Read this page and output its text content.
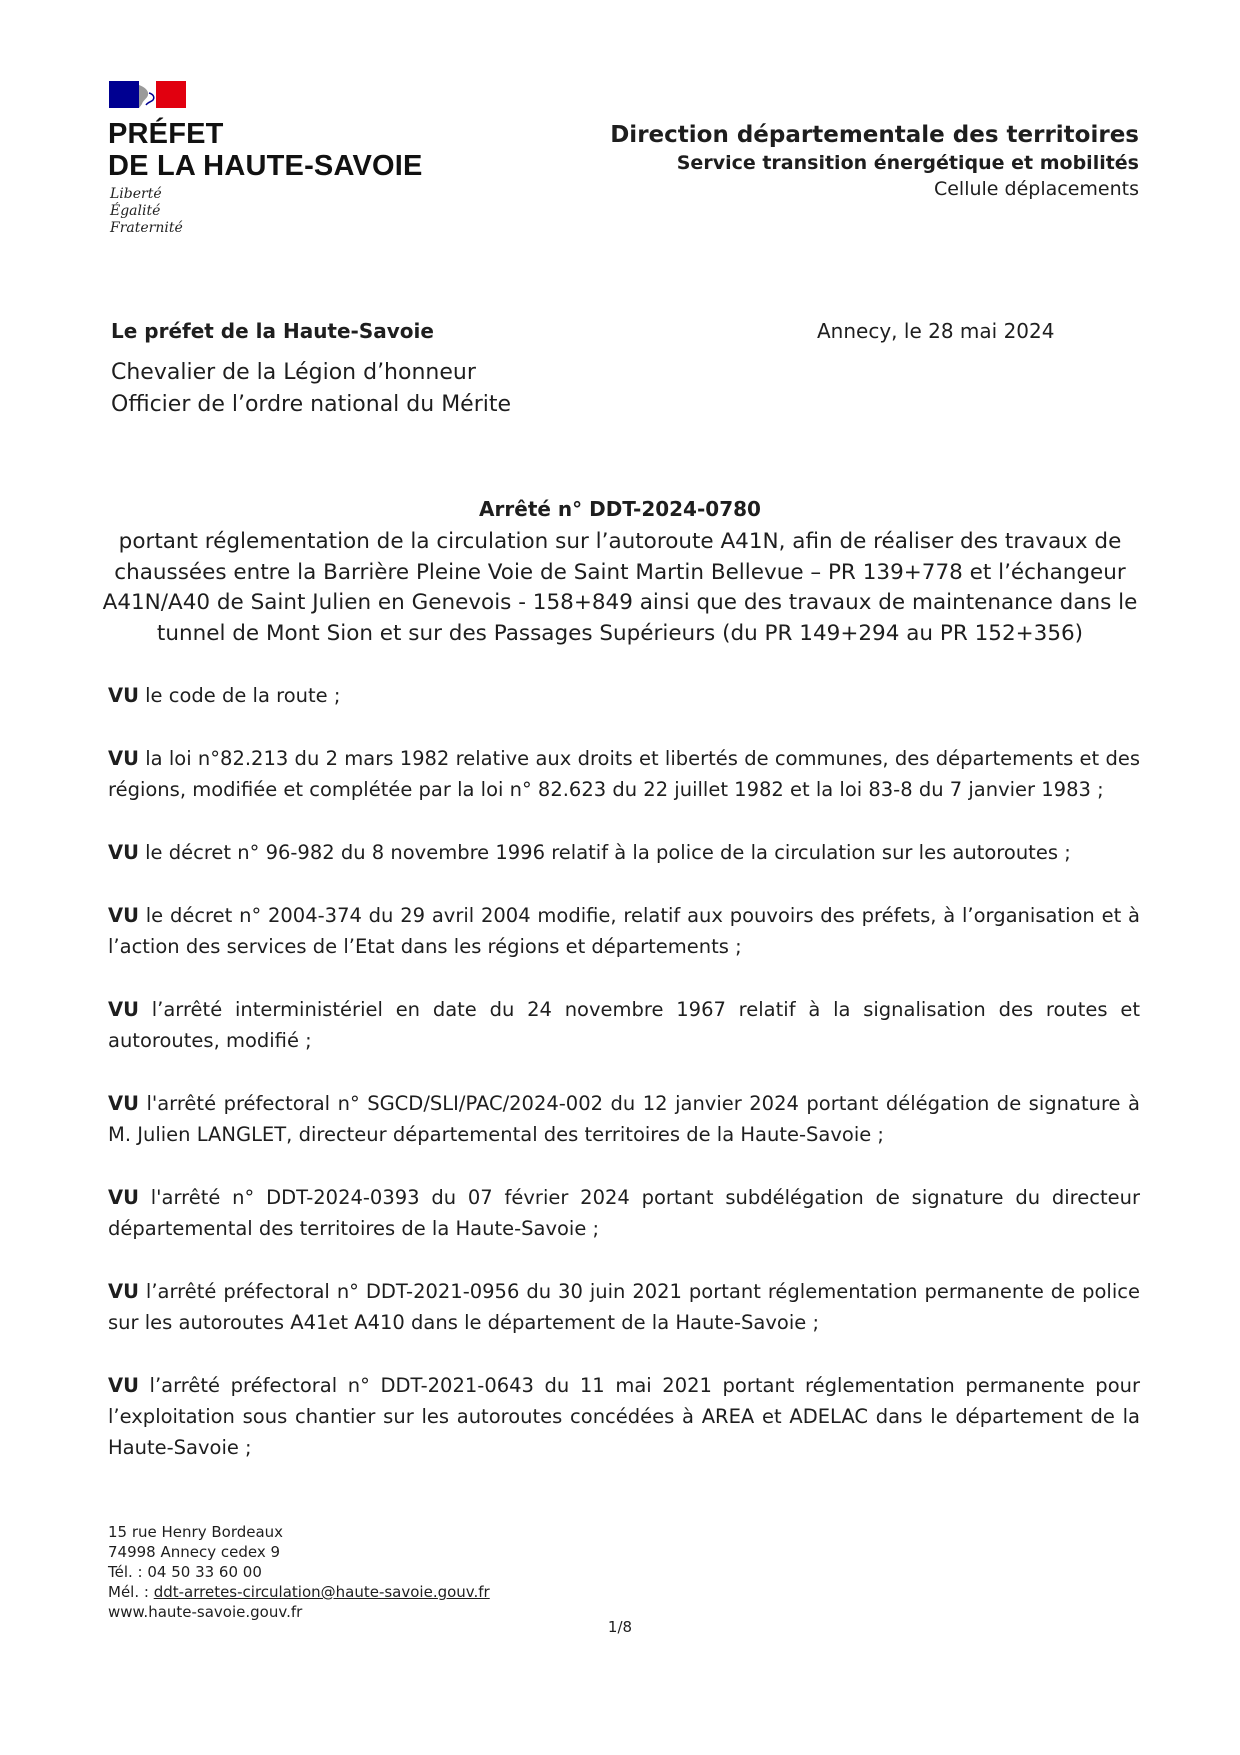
PRÉFET
DE LA HAUTE-SAVOIE
Liberté
Égalité
Fraternité
Direction départementale des territoires
Service transition énergétique et mobilités
Cellule déplacements
Le préfet de la Haute-Savoie
Chevalier de la Légion d’honneur
Officier de l’ordre national du Mérite
Annecy, le 28 mai 2024
Arrêté n° DDT-2024-0780
portant réglementation de la circulation sur l’autoroute A41N, afin de réaliser des travaux de chaussées entre la Barrière Pleine Voie de Saint Martin Bellevue – PR 139+778 et l’échangeur A41N/A40 de Saint Julien en Genevois - 158+849 ainsi que des travaux de maintenance dans le tunnel de Mont Sion et sur des Passages Supérieurs (du PR 149+294 au PR 152+356)

VU le code de la route ;

VU la loi n°82.213 du 2 mars 1982 relative aux droits et libertés de communes, des départements et des régions, modifiée et complétée par la loi n° 82.623 du 22 juillet 1982 et la loi 83-8 du 7 janvier 1983 ;

VU le décret n° 96-982 du 8 novembre 1996 relatif à la police de la circulation sur les autoroutes ;

VU le décret n° 2004-374 du 29 avril 2004 modifie, relatif aux pouvoirs des préfets, à l’organisation et à l’action des services de l’Etat dans les régions et départements ;

VU l’arrêté interministériel en date du 24 novembre 1967 relatif à la signalisation des routes et autoroutes, modifié ;

VU l'arrêté préfectoral n° SGCD/SLI/PAC/2024-002 du 12 janvier 2024 portant délégation de signature à M. Julien LANGLET, directeur départemental des territoires de la Haute-Savoie ;

VU l'arrêté n° DDT-2024-0393 du 07 février 2024 portant subdélégation de signature du directeur départemental des territoires de la Haute-Savoie ;

VU l’arrêté préfectoral n° DDT-2021-0956 du 30 juin 2021 portant réglementation permanente de police sur les autoroutes A41et A410 dans le département de la Haute-Savoie ;

VU l’arrêté préfectoral n° DDT-2021-0643 du 11 mai 2021 portant réglementation permanente pour l’exploitation sous chantier sur les autoroutes concédées à AREA et ADELAC dans le département de la Haute-Savoie ;

15 rue Henry Bordeaux
74998 Annecy cedex 9
Tél. : 04 50 33 60 00
Mél. : ddt-arretes-circulation@haute-savoie.gouv.fr
www.haute-savoie.gouv.fr
1/8
